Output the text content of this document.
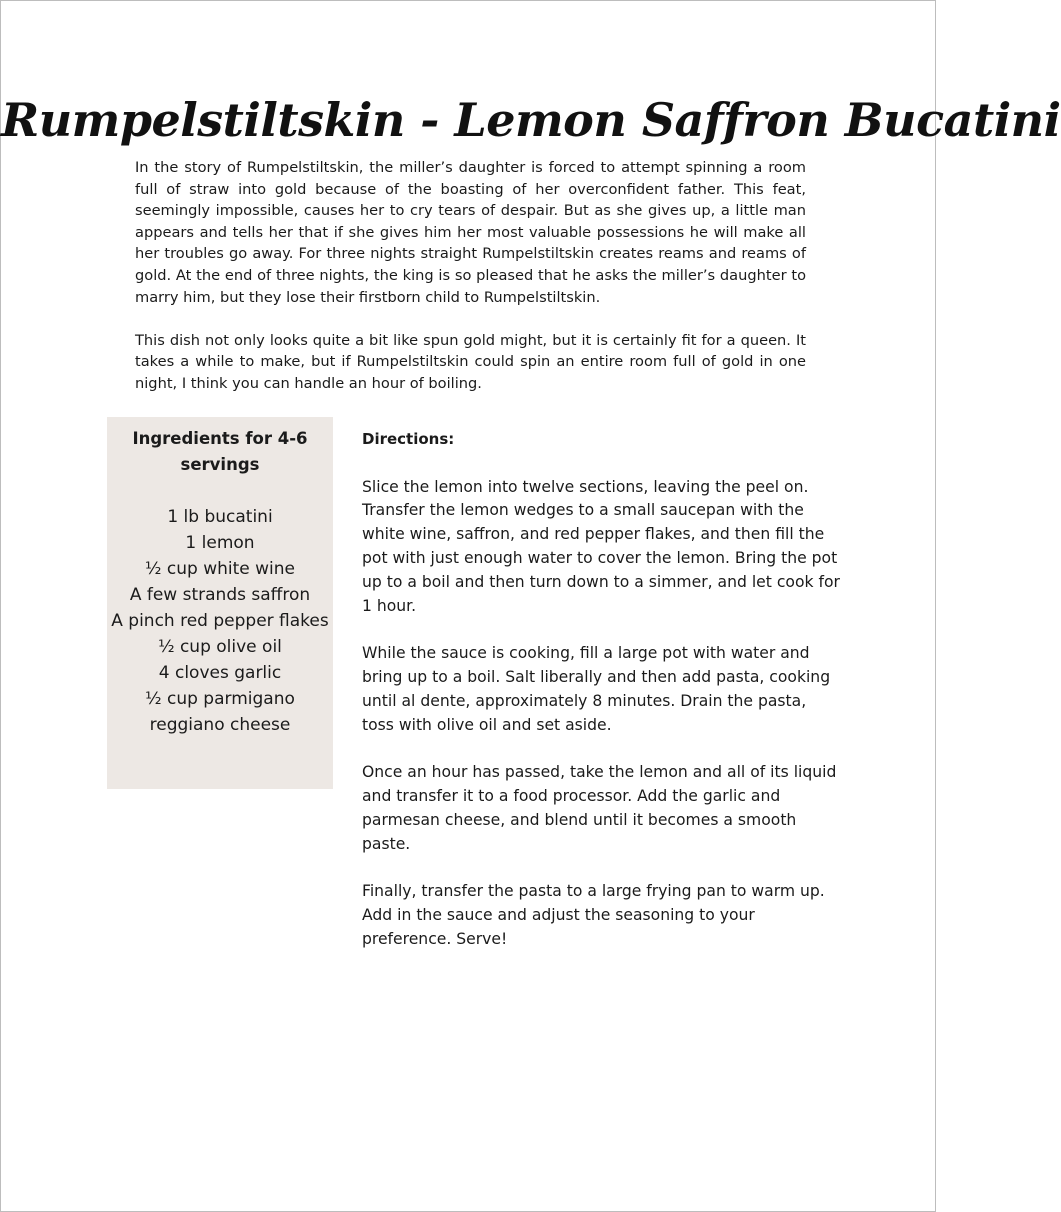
Rumpelstiltskin - Lemon Saffron Bucatini

In the story of Rumpelstiltskin, the miller’s daughter is forced to attempt spinning a room full of straw into gold because of the boasting of her overconfident father. This feat, seemingly impossible, causes her to cry tears of despair. But as she gives up, a little man appears and tells her that if she gives him her most valuable possessions he will make all her troubles go away. For three nights straight Rumpelstiltskin creates reams and reams of gold. At the end of three nights, the king is so pleased that he asks the miller’s daughter to marry him, but they lose their firstborn child to Rumpelstiltskin.

This dish not only looks quite a bit like spun gold might, but it is certainly fit for a queen. It takes a while to make, but if Rumpelstiltskin could spin an entire room full of gold in one night, I think you can handle an hour of boiling.

Ingredients for 4-6 servings
1 lb bucatini
1 lemon
½ cup white wine
A few strands saffron
A pinch red pepper flakes
½ cup olive oil
4 cloves garlic
½ cup parmigano reggiano cheese
Directions:

Slice the lemon into twelve sections, leaving the peel on. Transfer the lemon wedges to a small saucepan with the white wine, saffron, and red pepper flakes, and then fill the pot with just enough water to cover the lemon. Bring the pot up to a boil and then turn down to a simmer, and let cook for 1 hour.

While the sauce is cooking, fill a large pot with water and bring up to a boil. Salt liberally and then add pasta, cooking until al dente, approximately 8 minutes. Drain the pasta, toss with olive oil and set aside.

Once an hour has passed, take the lemon and all of its liquid and transfer it to a food processor. Add the garlic and parmesan cheese, and blend until it becomes a smooth paste.

Finally, transfer the pasta to a large frying pan to warm up. Add in the sauce and adjust the seasoning to your preference. Serve!
